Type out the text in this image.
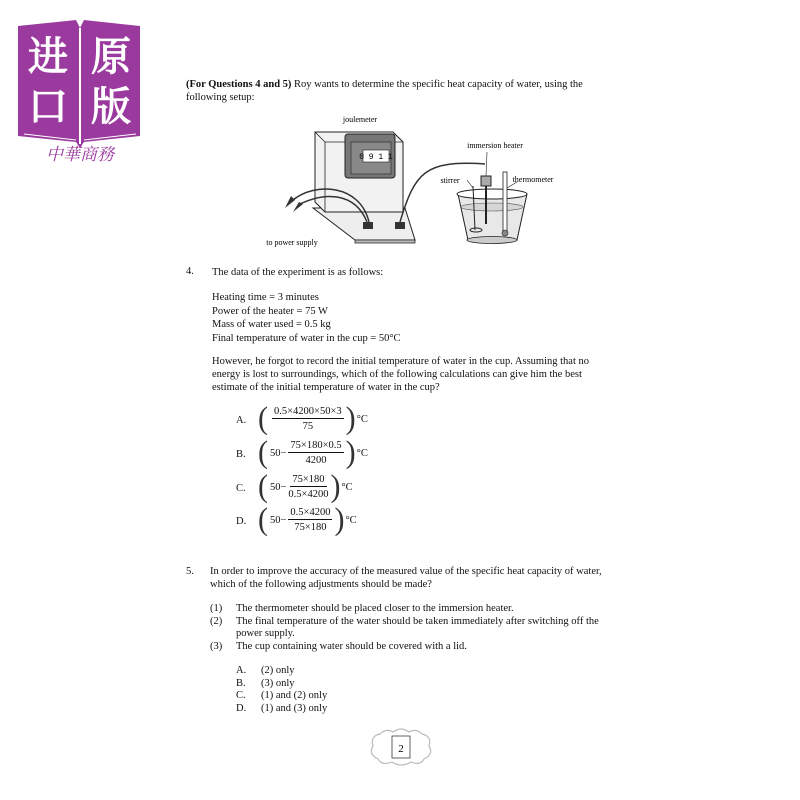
进 原
口 版
中華商務
(For Questions 4 and 5) Roy wants to determine the specific heat capacity of water, using the
following setup:
0 9 1 1
joulemeter
immersion heater
stirrer	thermometer
to power supply
4. The data of the experiment is as follows:
Heating time = 3 minutes
Power of the heater = 75 W
Mass of water used = 0.5 kg
Final temperature of water in the cup = 50°C
However, he forgot to record the initial temperature of water in the cup. Assuming that no
energy is lost to surroundings, which of the following calculations can give him the best
estimate of the initial temperature of water in the cup?
A. ( $\frac{0.5\times 4200\times 50\times 3}{75}$ ) °C
B. ( $50- \frac{75\times 180\times 0.5}{4200}$ ) °C
C. ( $50- \frac{75\times 180}{0.5\times 4200}$ ) °C
D. ( $50- \frac{0.5\times 4200}{75\times 180}$ ) °C
5. In order to improve the accuracy of the measured value of the specific heat capacity of water,
which of the following adjustments should be made?
(1)	The thermometer should be placed closer to the immersion heater.
(2)	The final temperature of the water should be taken immediately after switching off the
power supply.
(3)	The cup containing water should be covered with a lid.
A.	(2) only
B.	(3) only
C.	(1) and (2) only
D.	(1) and (3) only
2
